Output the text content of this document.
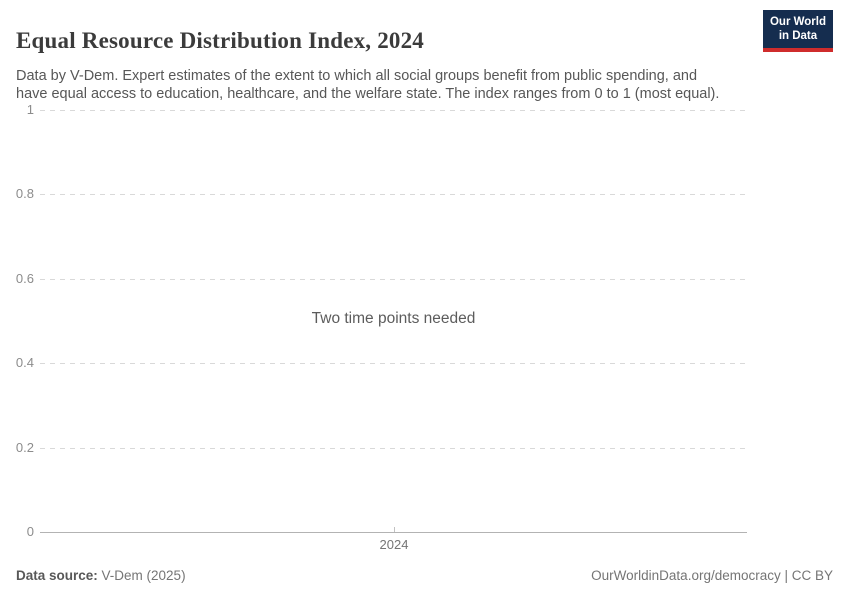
Equal Resource Distribution Index, 2024

Data by V-Dem. Expert estimates of the extent to which all social groups benefit from public spending, and have equal access to education, healthcare, and the welfare state. The index ranges from 0 to 1 (most equal).

Our World
in Data
1
0.8
0.6
0.4
0.2
0
2024
Two time points needed
Data source: V-Dem (2025)	OurWorldinData.org/democracy | CC BY
